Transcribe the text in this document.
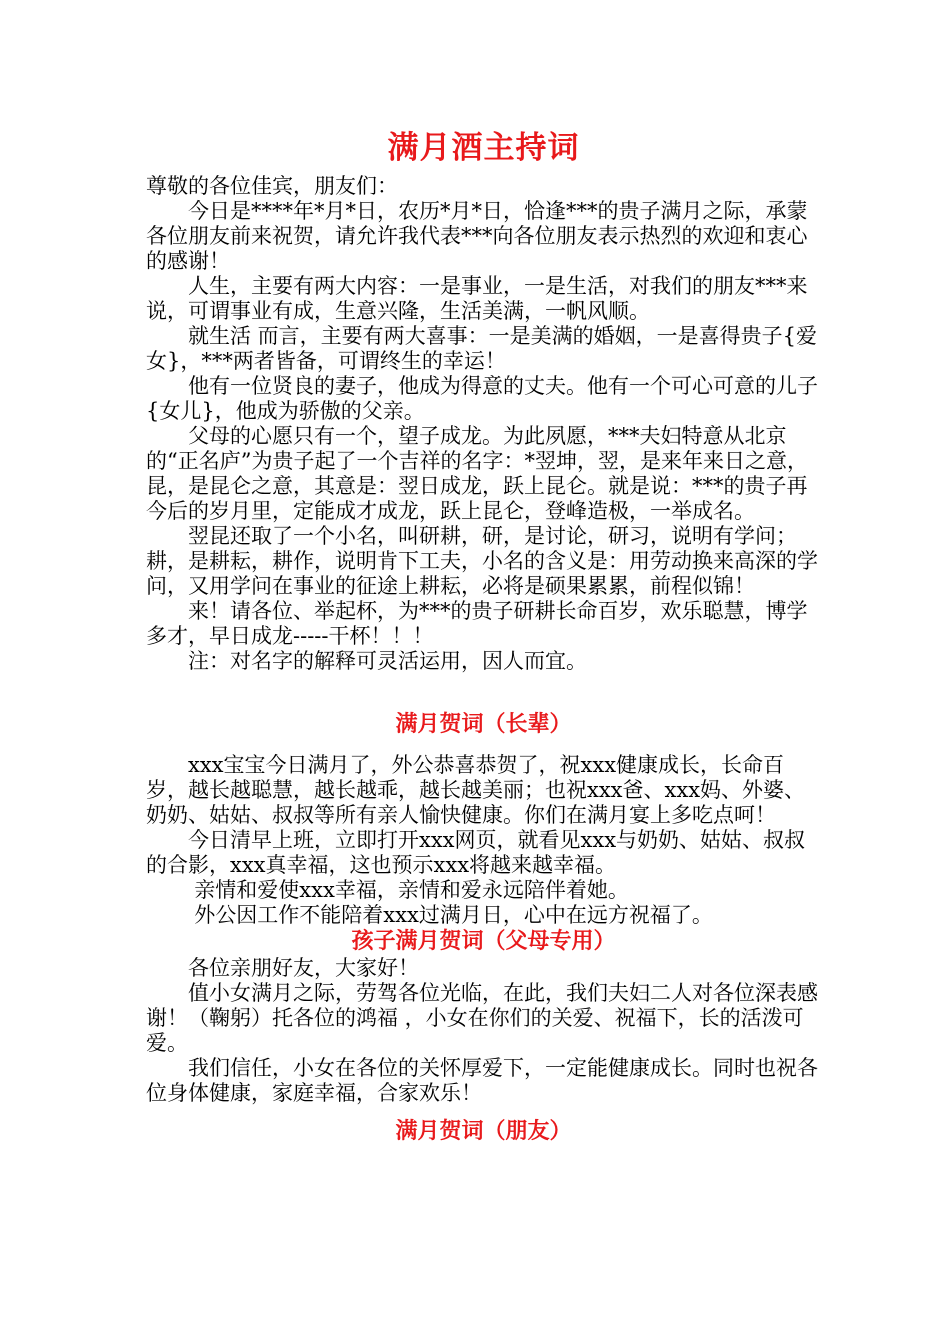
满月酒主持词

尊敬的各位佳宾，朋友们：

今日是****年*月*日，农历*月*日，恰逢***的贵子满月之际，承蒙各位朋友前来祝贺，请允许我代表***向各位朋友表示热烈的欢迎和衷心的感谢！

人生，主要有两大内容：一是事业，一是生活，对我们的朋友***来说，可谓事业有成，生意兴隆，生活美满，一帆风顺。

就生活 而言，主要有两大喜事：一是美满的婚姻，一是喜得贵子{爱女}，***两者皆备，可谓终生的幸运！

他有一位贤良的妻子，他成为得意的丈夫。他有一个可心可意的儿子{女儿}，他成为骄傲的父亲。

父母的心愿只有一个，望子成龙。为此夙愿，***夫妇特意从北京的“正名庐”为贵子起了一个吉祥的名字：*翌坤，翌，是来年来日之意，昆，是昆仑之意，其意是：翌日成龙，跃上昆仑。就是说：***的贵子再今后的岁月里，定能成才成龙，跃上昆仑，登峰造极，一举成名。

翌昆还取了一个小名，叫研耕，研，是讨论，研习，说明有学问；耕，是耕耘，耕作，说明肯下工夫，小名的含义是：用劳动换来高深的学问，又用学问在事业的征途上耕耘，必将是硕果累累，前程似锦！

来！请各位、举起杯，为***的贵子研耕长命百岁，欢乐聪慧，博学多才，早日成龙-----干杯！！！

注：对名字的解释可灵活运用，因人而宜。

满月贺词（长辈）

xxx宝宝今日满月了，外公恭喜恭贺了，祝xxx健康成长，长命百岁，越长越聪慧，越长越乖，越长越美丽；也祝xxx爸、xxx妈、外婆、奶奶、姑姑、叔叔等所有亲人愉快健康。你们在满月宴上多吃点呵！

今日清早上班，立即打开xxx网页，就看见xxx与奶奶、姑姑、叔叔的合影，xxx真幸福，这也预示xxx将越来越幸福。

亲情和爱使xxx幸福，亲情和爱永远陪伴着她。

外公因工作不能陪着xxx过满月日，心中在远方祝福了。

孩子满月贺词（父母专用）

各位亲朋好友，大家好！

值小女满月之际，劳驾各位光临，在此，我们夫妇二人对各位深表感谢！（鞠躬）托各位的鸿福 ，小女在你们的关爱、祝福下，长的活泼可爱。

我们信任，小女在各位的关怀厚爱下，一定能健康成长。同时也祝各位身体健康，家庭幸福，合家欢乐！

满月贺词（朋友）
